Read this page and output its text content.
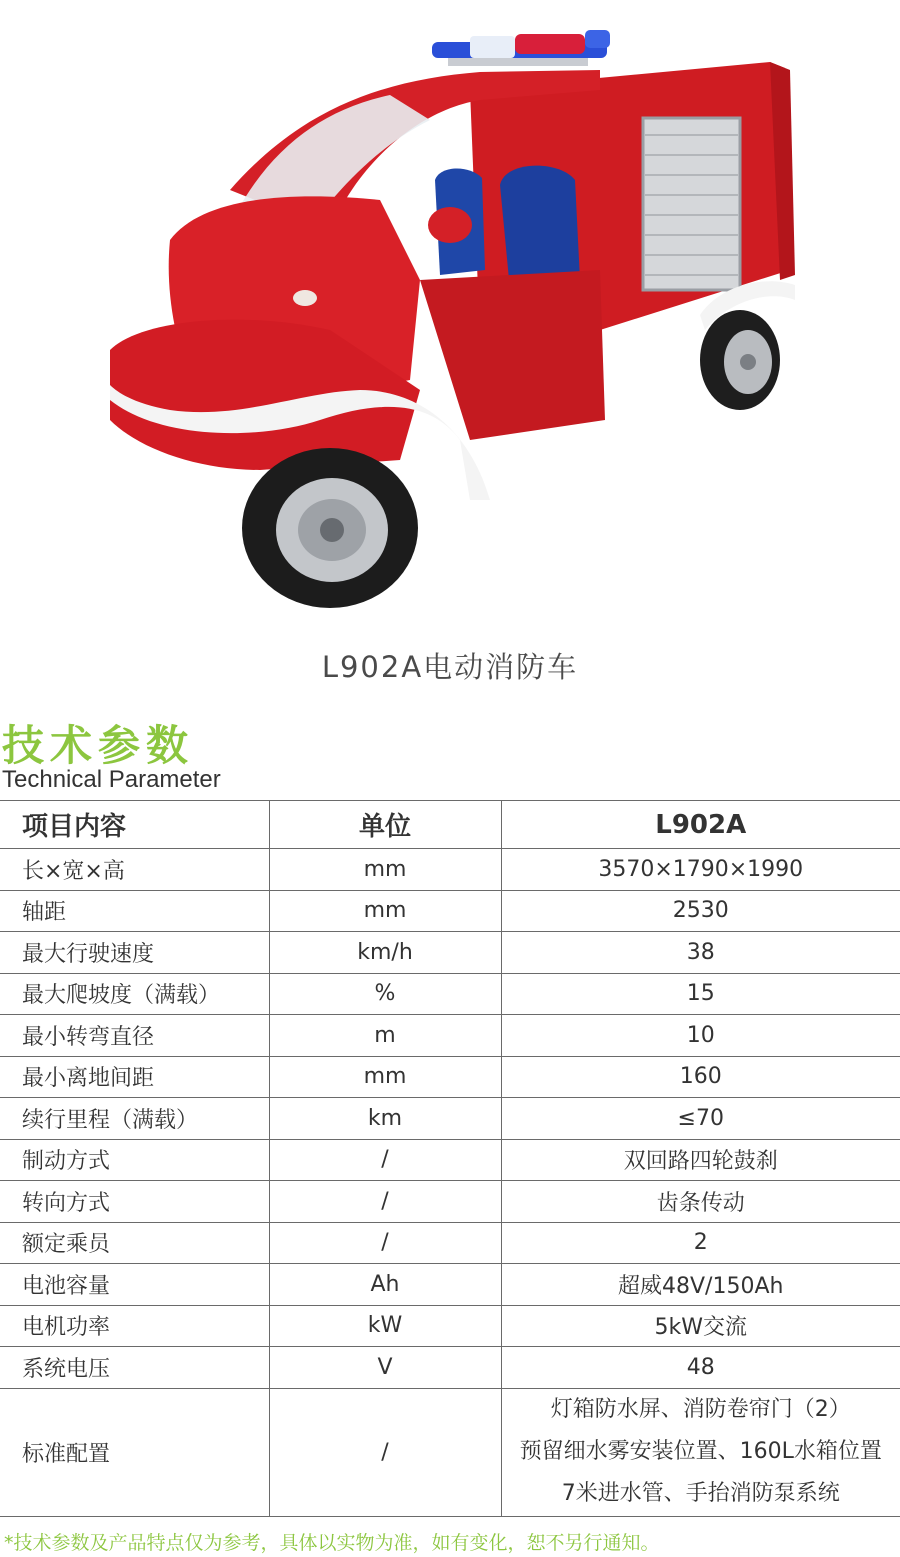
L902A电动消防车
技术参数
Technical Parameter
项目内容	单位	L902A
长×宽×高	mm	3570×1790×1990
轴距	mm	2530
最大行驶速度	km/h	38
最大爬坡度（满载）	%	15
最小转弯直径	m	10
最小离地间距	mm	160
续行里程（满载）	km	≤70
制动方式	/	双回路四轮鼓刹
转向方式	/	齿条传动
额定乘员	/	2
电池容量	Ah	超威48V/150Ah
电机功率	kW	5kW交流
系统电压	V	48
标准配置	/	灯箱防水屏、消防卷帘门（2）
预留细水雾安装位置、160L水箱位置
7米进水管、手抬消防泵系统
*技术参数及产品特点仅为参考，具体以实物为准，如有变化，恕不另行通知。
